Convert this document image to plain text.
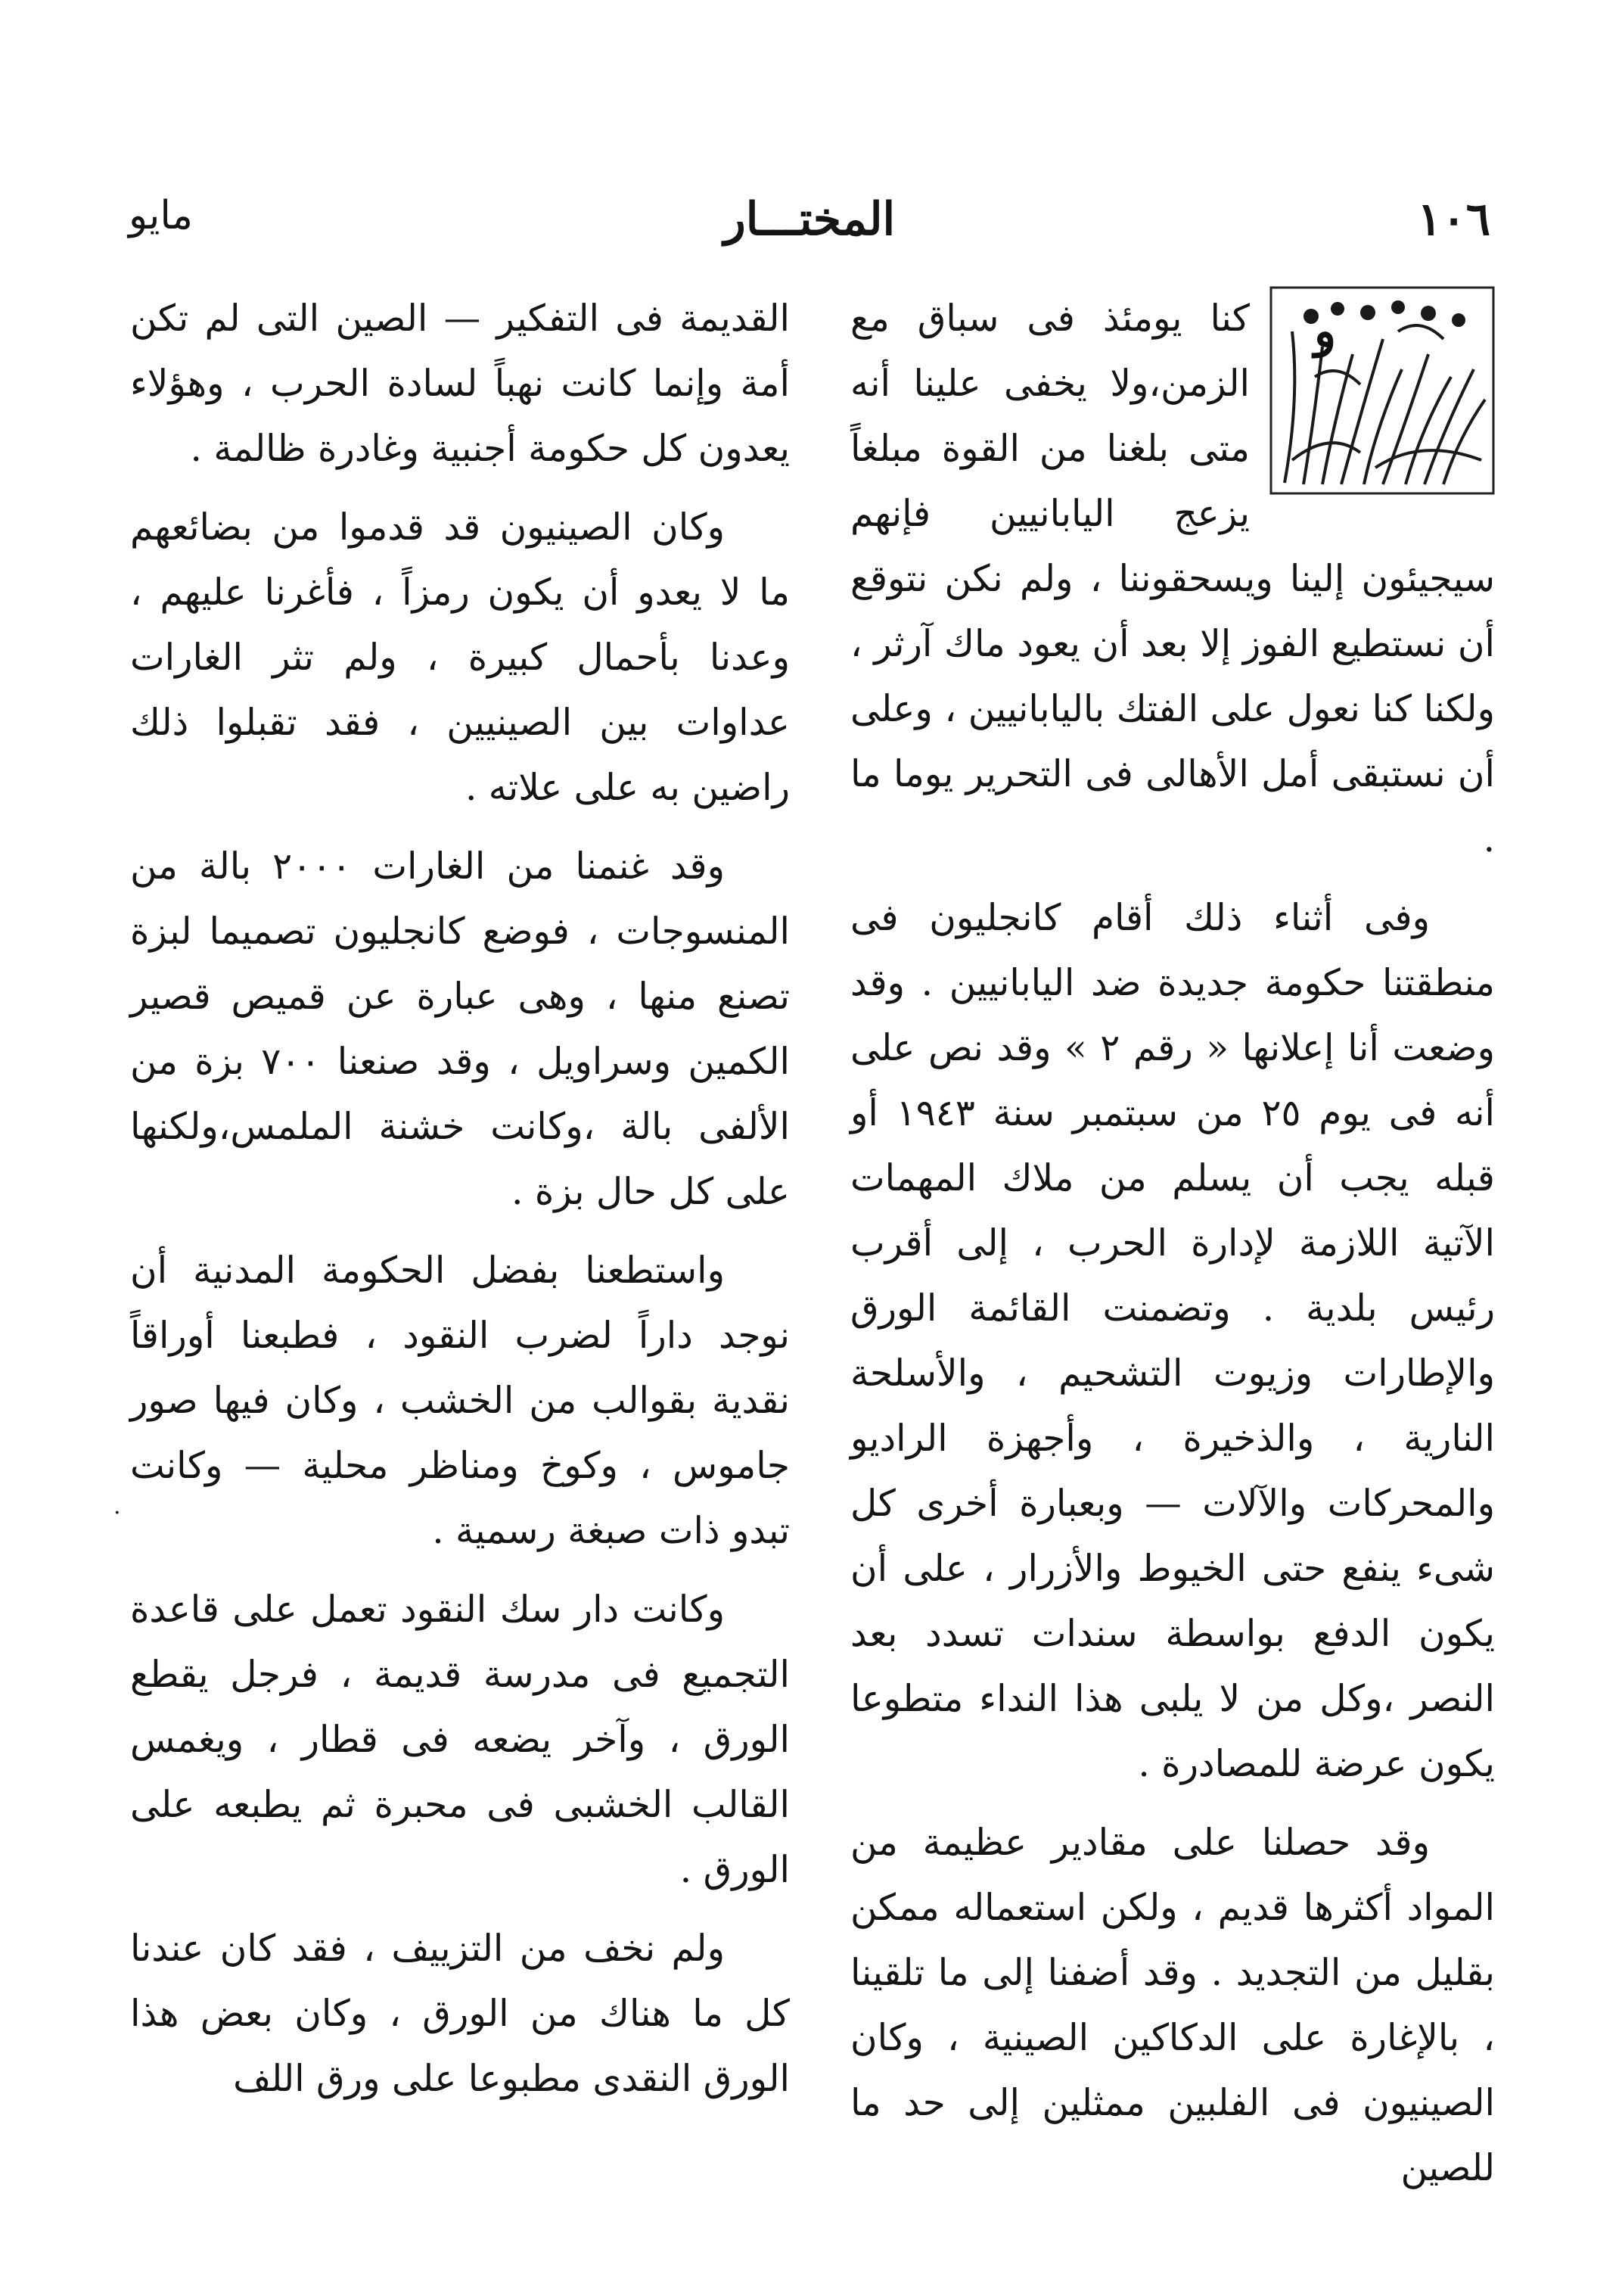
١٠٦
المختـــار
مايو

و
كنا يومئذ فى سباق مع الزمن،ولا يخفى علينا أنه متى بلغنا من القوة مبلغاً يزعج اليابانيين فإنهم سيجيئون إلينا ويسحقوننا ، ولم نكن نتوقع أن نستطيع الفوز إلا بعد أن يعود ماك آرثر ، ولكنا كنا نعول على الفتك باليابانيين ، وعلى أن نستبقى أمل الأهالى فى التحرير يوما ما .

وفى أثناء ذلك أقام كانجليون فى منطقتنا حكومة جديدة ضد اليابانيين . وقد وضعت أنا إعلانها « رقم ٢ » وقد نص على أنه فى يوم ٢٥ من سبتمبر سنة ١٩٤٣ أو قبله يجب أن يسلم من ملاك المهمات الآتية اللازمة لإدارة الحرب ، إلى أقرب رئيس بلدية . وتضمنت القائمة الورق والإطارات وزيوت التشحيم ، والأسلحة النارية ، والذخيرة ، وأجهزة الراديو والمحركات والآلات — وبعبارة أخرى كل شىء ينفع حتى الخيوط والأزرار ، على أن يكون الدفع بواسطة سندات تسدد بعد النصر ،وكل من لا يلبى هذا النداء متطوعا يكون عرضة للمصادرة .

وقد حصلنا على مقادير عظيمة من المواد أكثرها قديم ، ولكن استعماله ممكن بقليل من التجديد . وقد أضفنا إلى ما تلقينا ، بالإغارة على الدكاكين الصينية ، وكان الصينيون فى الفلبين ممثلين إلى حد ما للصين

القديمة فى التفكير — الصين التى لم تكن أمة وإنما كانت نهباً لسادة الحرب ، وهؤلاء يعدون كل حكومة أجنبية وغادرة ظالمة .

وكان الصينيون قد قدموا من بضائعهم ما لا يعدو أن يكون رمزاً ، فأغرنا عليهم ، وعدنا بأحمال كبيرة ، ولم تثر الغارات عداوات بين الصينيين ، فقد تقبلوا ذلك راضين به على علاته .

وقد غنمنا من الغارات ٢٠٠٠ بالة من المنسوجات ، فوضع كانجليون تصميما لبزة تصنع منها ، وهى عبارة عن قميص قصير الكمين وسراويل ، وقد صنعنا ٧٠٠ بزة من الألفى بالة ،وكانت خشنة الملمس،ولكنها على كل حال بزة .

واستطعنا بفضل الحكومة المدنية أن نوجد داراً لضرب النقود ، فطبعنا أوراقاً نقدية بقوالب من الخشب ، وكان فيها صور جاموس ، وكوخ ومناظر محلية — وكانت تبدو ذات صبغة رسمية .

وكانت دار سك النقود تعمل على قاعدة التجميع فى مدرسة قديمة ، فرجل يقطع الورق ، وآخر يضعه فى قطار ، ويغمس القالب الخشبى فى محبرة ثم يطبعه على الورق .

ولم نخف من التزييف ، فقد كان عندنا كل ما هناك من الورق ، وكان بعض هذا الورق النقدى مطبوعا على ورق اللف

·
